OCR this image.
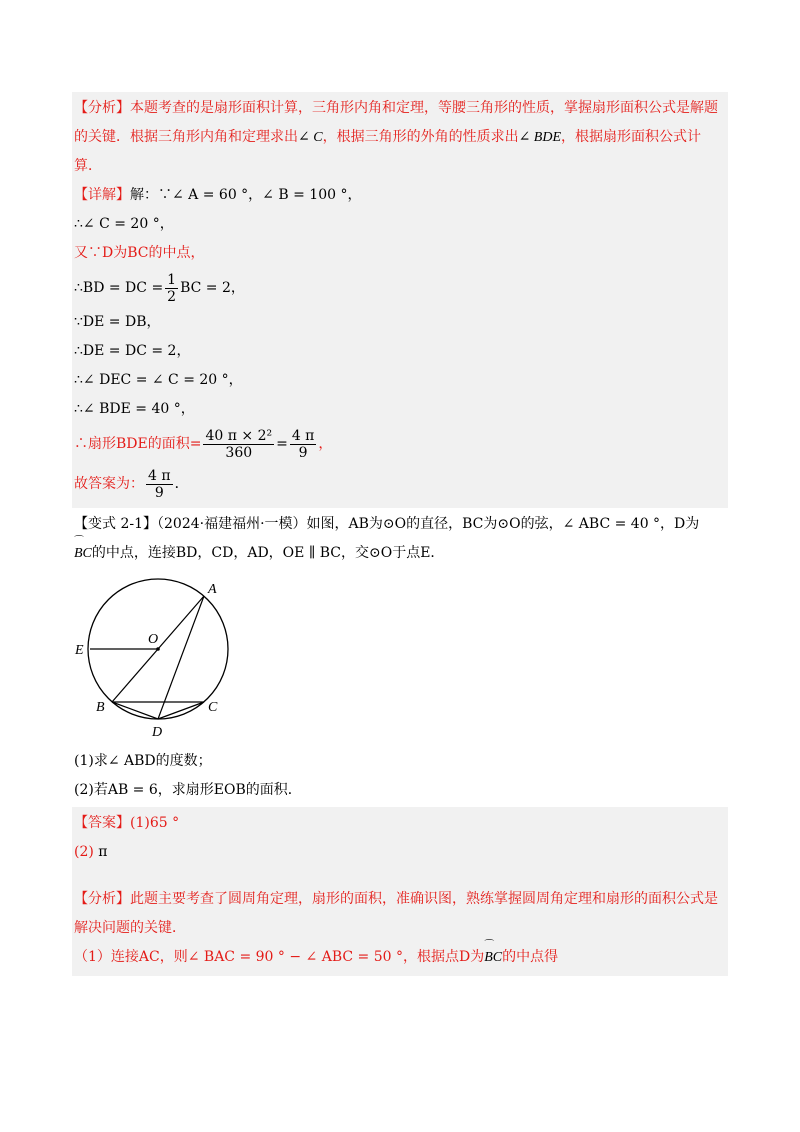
【分析】本题考查的是扇形面积计算，三角形内角和定理，等腰三角形的性质，掌握扇形面积公式是解题
的关键．根据三角形内角和定理求出∠ C，根据三角形的外角的性质求出∠ BDE，根据扇形面积公式计
算．
【详解】解：∵∠ A = 60 °，∠ B = 100 °，
∴∠ C = 20 °，
又∵D为BC的中点，
∴BD = DC = $\frac{1}{2}$ BC = 2，
∵DE = DB，
∴DE = DC = 2，
∴∠ DEC = ∠ C = 20 °，
∴∠ BDE = 40 °，
∴扇形BDE的面积= $\frac{\text{40 π × 2²}}{360} = \frac{4 \pi}{9}$ ，
故答案为： $\frac{4 \pi}{9}$ ．
【变式 2-1】（2024·福建福州·一模）如图，AB为⊙O的直径，BC为⊙O的弦，∠ ABC = 40 °，D为
⌒ BC的中点，连接BD，CD，AD，OE ∥ BC，交⊙O于点E．
A
O
E
B	C
D
(1)求∠ ABD的度数；
(2)若AB = 6，求扇形EOB的面积．
【答案】(1)65 °
(2) π
【分析】此题主要考查了圆周角定理，扇形的面积，准确识图，熟练掌握圆周角定理和扇形的面积公式是
解决问题的关键．
（1）连接AC，则∠ BAC = 90 ° − ∠ ABC = 50 °，根据点D为⌒ BC的中点得
